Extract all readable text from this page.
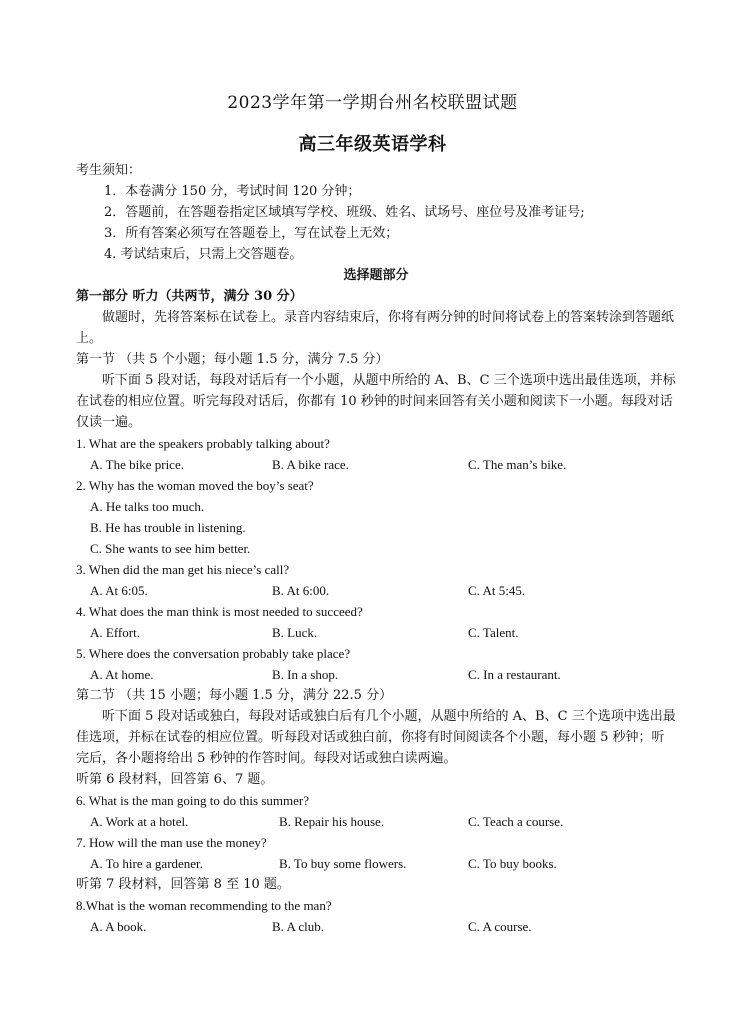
2023学年第一学期台州名校联盟试题
高三年级英语学科
考生须知：
1．本卷满分 150 分，考试时间 120 分钟；
2．答题前，在答题卷指定区域填写学校、班级、姓名、试场号、座位号及准考证号;
3．所有答案必须写在答题卷上，写在试卷上无效；
4. 考试结束后，只需上交答题卷。
选择题部分
第一部分 听力（共两节，满分 30 分）
做题时，先将答案标在试卷上。录音内容结束后，你将有两分钟的时间将试卷上的答案转涂到答题纸上。
第一节 （共 5 个小题；每小题 1.5 分，满分 7.5 分）
听下面 5 段对话，每段对话后有一个小题，从题中所给的 A、B、C 三个选项中选出最佳选项，并标在试卷的相应位置。听完每段对话后，你都有 10 秒钟的时间来回答有关小题和阅读下一小题。每段对话仅读一遍。
1. What are the speakers probably talking about?
A. The bike price.	B. A bike race.	C. The man’s bike.
2. Why has the woman moved the boy’s seat?
A. He talks too much.
B. He has trouble in listening.
C. She wants to see him better.
3. When did the man get his niece’s call?
A. At 6:05.	B. At 6:00.	C. At 5:45.
4. What does the man think is most needed to succeed?
A. Effort.	B. Luck.	C. Talent.
5. Where does the conversation probably take place?
A. At home.	B. In a shop.	C. In a restaurant.
第二节 （共 15 小题；每小题 1.5 分，满分 22.5 分）
听下面 5 段对话或独白，每段对话或独白后有几个小题，从题中所给的 A、B、C 三个选项中选出最佳选项，并标在试卷的相应位置。听每段对话或独白前，你将有时间阅读各个小题，每小题 5 秒钟；听完后，各小题将给出 5 秒钟的作答时间。每段对话或独白读两遍。
听第 6 段材料，回答第 6、7 题。
6. What is the man going to do this summer?
A. Work at a hotel.	B. Repair his house.	C. Teach a course.
7. How will the man use the money?
A. To hire a gardener.	B. To buy some flowers.	C. To buy books.
听第 7 段材料，回答第 8 至 10 题。
8.What is the woman recommending to the man?
A. A book.	B. A club.	C. A course.
